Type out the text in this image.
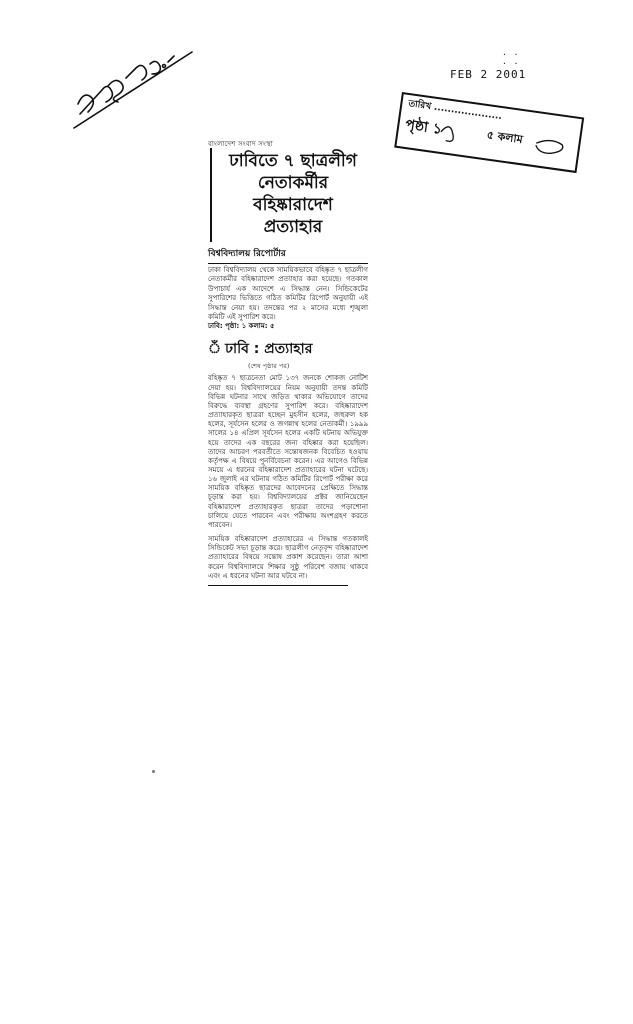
· · · ·
FEB 2 2001
তারিখ ....................
পৃষ্ঠা ১	৫ কলাম
বাংলাদেশ সংবাদ সংস্থা

ঢাবিতে ৭ ছাত্রলীগ

নেতাকর্মীর

বহিষ্কারাদেশ

প্রত্যাহার

বিশ্ববিদ্যালয় রিপোর্টার

ঢাকা বিশ্ববিদ্যালয় থেকে সাময়িকভাবে বহিষ্কৃত ৭ ছাত্রলীগ নেতাকর্মীর বহিষ্কারাদেশ প্রত্যাহার করা হয়েছে। গতকাল উপাচার্য এক আদেশে এ সিদ্ধান্ত নেন। সিন্ডিকেটের সুপারিশের ভিত্তিতে গঠিত কমিটির রিপোর্ট অনুযায়ী এই সিদ্ধান্ত নেয়া হয়। তদন্তের পর ২ মাসের মধ্যে শৃঙ্খলা কমিটি এই সুপারিশ করে।

ঢাবি: পৃষ্ঠা: ১ কলাম: ৫

ঁ ঢাবি : প্রত্যাহার
(শেষ পৃষ্ঠার পর)

বহিষ্কৃত ৭ ছাত্রনেতা মোট ১৩৭ জনকে শোকজ নোটিশ দেয়া হয়। বিশ্ববিদ্যালয়ের নিয়ম অনুযায়ী তদন্ত কমিটি বিভিন্ন ঘটনার সাথে জড়িত থাকার অভিযোগে তাদের বিরুদ্ধে ব্যবস্থা গ্রহণের সুপারিশ করে। বহিষ্কারাদেশ প্রত্যাহারকৃত ছাত্ররা হচ্ছেন মুহসীন হলের, জহুরুল হক হলের, সূর্যসেন হলের ও জগন্নাথ হলের নেতাকর্মী। ১৯৯৯ সালের ১৪ এপ্রিল সূর্যসেন হলের একটি ঘটনায় অভিযুক্ত হয়ে তাদের এক বছরের জন্য বহিষ্কার করা হয়েছিল। তাদের আচরণ পরবর্তীতে সন্তোষজনক বিবেচিত হওয়ায় কর্তৃপক্ষ এ বিষয়ে পুনর্বিবেচনা করেন। এর আগেও বিভিন্ন সময়ে এ ধরনের বহিষ্কারাদেশ প্রত্যাহারের ঘটনা ঘটেছে। ১৬ জুলাই এর ঘটনায় গঠিত কমিটির রিপোর্ট পরীক্ষা করে সাময়িক বহিষ্কৃত ছাত্রদের আবেদনের প্রেক্ষিতে সিদ্ধান্ত চূড়ান্ত করা হয়। বিশ্ববিদ্যালয়ের প্রক্টর জানিয়েছেন বহিষ্কারাদেশ প্রত্যাহারকৃত ছাত্ররা তাদের পড়াশোনা চালিয়ে যেতে পারবেন এবং পরীক্ষায় অংশগ্রহণ করতে পারবেন।

সাময়িক বহিষ্কারাদেশ প্রত্যাহারের এ সিদ্ধান্ত গতকালই সিন্ডিকেট সভা চূড়ান্ত করে। ছাত্রলীগ নেতৃবৃন্দ বহিষ্কারাদেশ প্রত্যাহারের বিষয়ে সন্তোষ প্রকাশ করেছেন। তারা আশা করেন বিশ্ববিদ্যালয়ে শিক্ষার সুষ্ঠু পরিবেশ বজায় থাকবে এবং এ ধরনের ঘটনা আর ঘটবে না।
